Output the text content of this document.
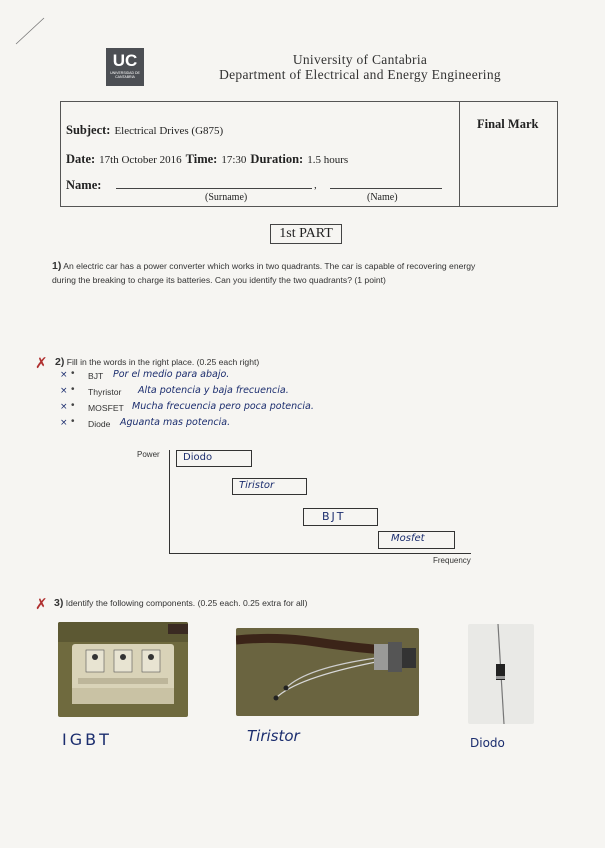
UC
UNIVERSIDAD DE CANTABRIA
University of Cantabria
Department of Electrical and Energy Engineering
Subject: Electrical Drives (G875)	Final Mark
Date: 17th October 2016 Time: 17:30 Duration: 1.5 hours
Name:	,
(Surname)	(Name)
1st PART
1) An electric car has a power converter which works in two quadrants. The car is capable of recovering energy
during the breaking to charge its batteries. Can you identify the two quadrants? (1 point)
✗ 2) Fill in the words in the right place. (0.25 each right)
× • BJT Por el medio para abajo.
× • Thyristor Alta potencia y baja frecuencia.
× • MOSFET Mucha frecuencia pero poca potencia.
× • Diode Aguanta mas potencia.
Power
Frequency
Diodo
Tiristor
BJT
Mosfet
✗ 3) Identify the following components. (0.25 each. 0.25 extra for all)
IGBT	Tiristor	Diodo
